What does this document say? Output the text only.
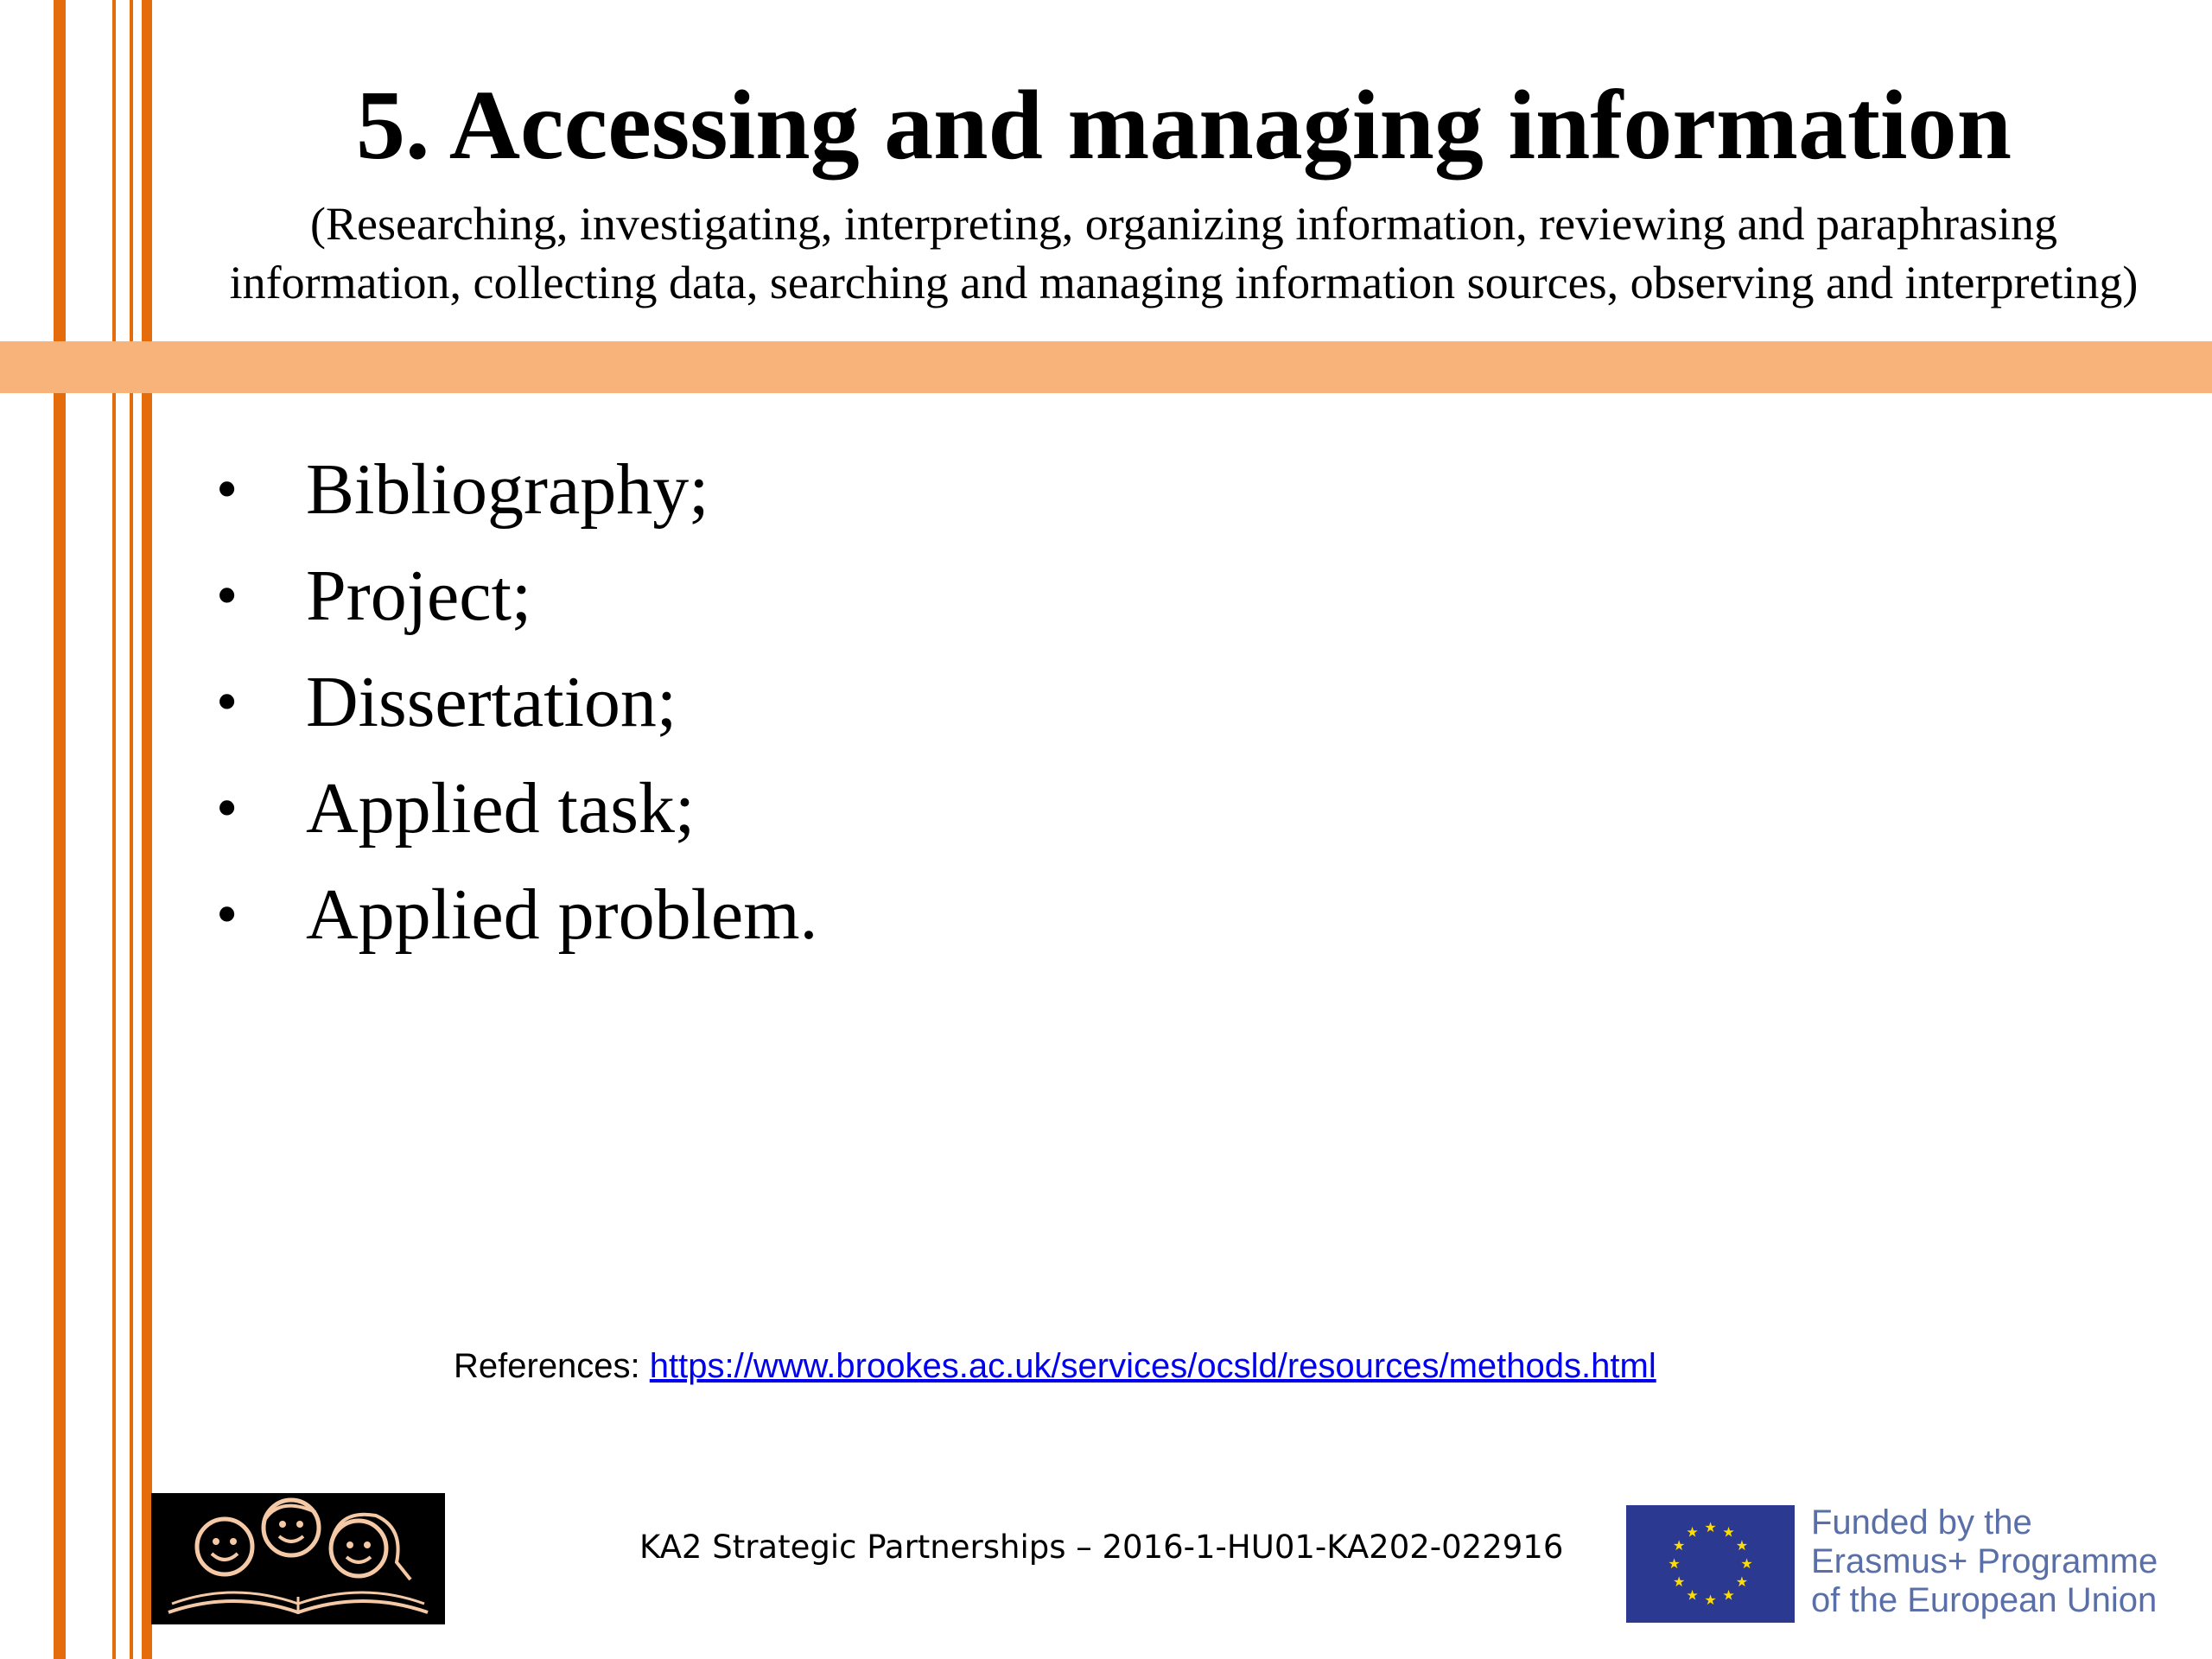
5. Accessing and managing information
(Researching, investigating, interpreting, organizing information, reviewing and paraphrasing
information, collecting data, searching and managing information sources, observing and interpreting)
• Bibliography;
• Project;
• Dissertation;
• Applied task;
• Applied problem.
References: https://www.brookes.ac.uk/services/ocsld/resources/methods.html
KA2 Strategic Partnerships – 2016-1-HU01-KA202-022916
★ ★
★
★
★
★
★
★
★
★
★
★	Funded by the
Erasmus+ Programme
of the European Union
